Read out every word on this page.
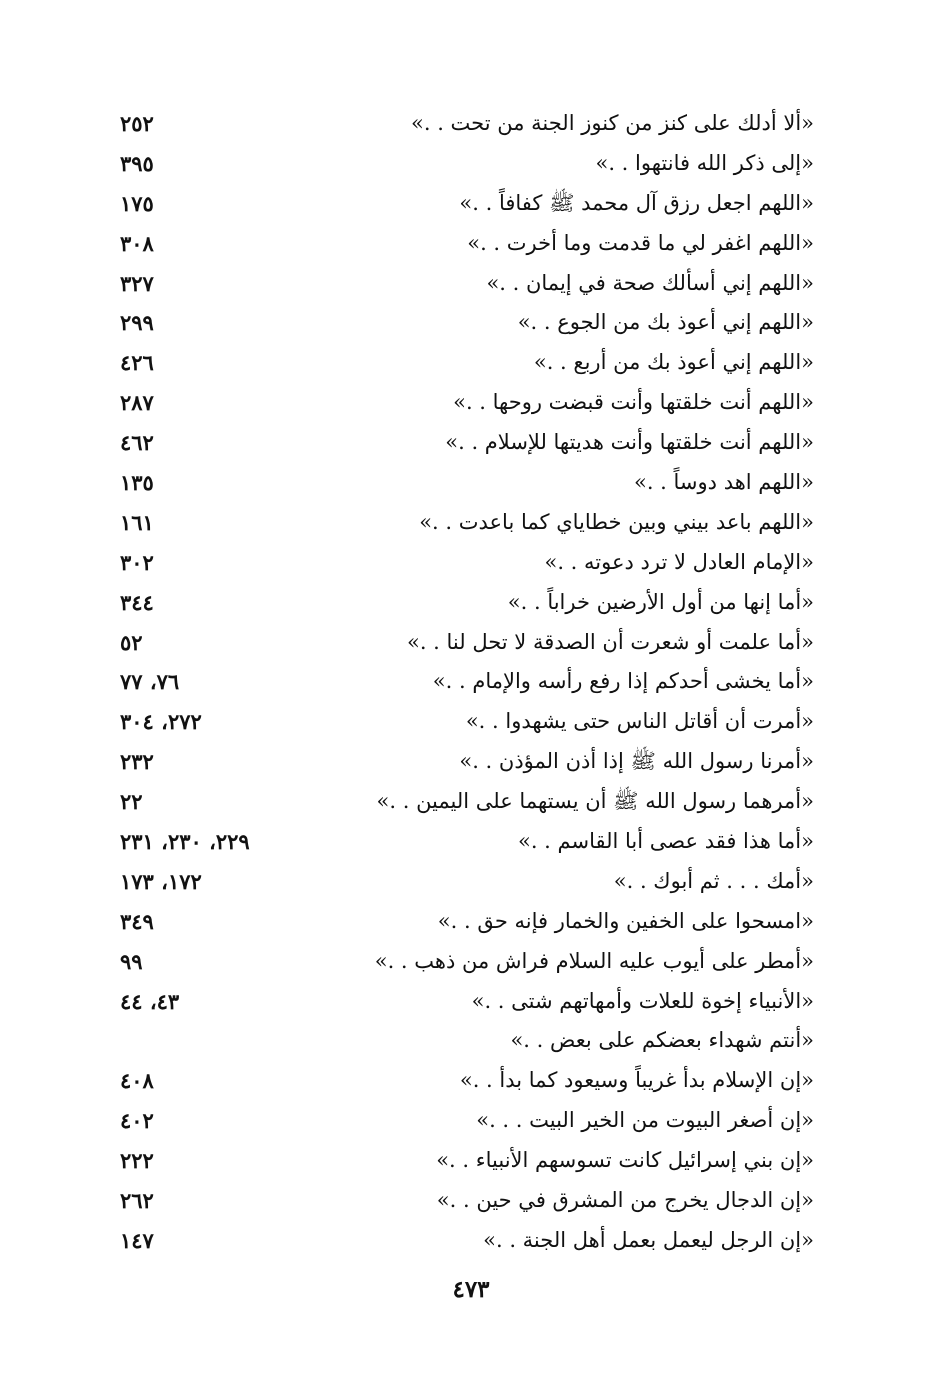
«ألا أدلك على كنز من كنوز الجنة من تحت . .»
٢٥٢
«إلى ذكر الله فانتهوا . .»
٣٩٥
«اللهم اجعل رزق آل محمد ﷺ كفافاً . .»
١٧٥
«اللهم اغفر لي ما قدمت وما أخرت . .»
٣٠٨
«اللهم إني أسألك صحة في إيمان . .»
٣٢٧
«اللهم إني أعوذ بك من الجوع . .»
٢٩٩
«اللهم إني أعوذ بك من أربع . .»
٤٢٦
«اللهم أنت خلقتها وأنت قبضت روحها . .»
٢٨٧
«اللهم أنت خلقتها وأنت هديتها للإسلام . .»
٤٦٢
«اللهم اهد دوساً . .»
١٣٥
«اللهم باعد بيني وبين خطاياي كما باعدت . .»
١٦١
«الإمام العادل لا ترد دعوته . .»
٣٠٢
«أما إنها من أول الأرضين خراباً . .»
٣٤٤
«أما علمت أو شعرت أن الصدقة لا تحل لنا . .»
٥٢
«أما يخشى أحدكم إذا رفع رأسه والإمام . .»
٧٦، ٧٧
«أمرت أن أقاتل الناس حتى يشهدوا . .»
٢٧٢، ٣٠٤
«أمرنا رسول الله ﷺ إذا أذن المؤذن . .»
٢٣٢
«أمرهما رسول الله ﷺ أن يستهما على اليمين . .»
٢٢
«أما هذا فقد عصى أبا القاسم . .»
٢٢٩، ٢٣٠، ٢٣١
«أمك . . . ثم أبوك . .»
١٧٢، ١٧٣
«امسحوا على الخفين والخمار فإنه حق . .»
٣٤٩
«أمطر على أيوب عليه السلام فراش من ذهب . .»
٩٩
«الأنبياء إخوة للعلات وأمهاتهم شتى . .»
٤٣، ٤٤
«أنتم شهداء بعضكم على بعض . .»
«إن الإسلام بدأ غريباً وسيعود كما بدأ . .»
٤٠٨
«إن أصغر البيوت من الخير البيت . . .»
٤٠٢
«إن بني إسرائيل كانت تسوسهم الأنبياء . .»
٢٢٢
«إن الدجال يخرج من المشرق في حين . .»
٢٦٢
«إن الرجل ليعمل بعمل أهل الجنة . .»
١٤٧
٤٧٣
